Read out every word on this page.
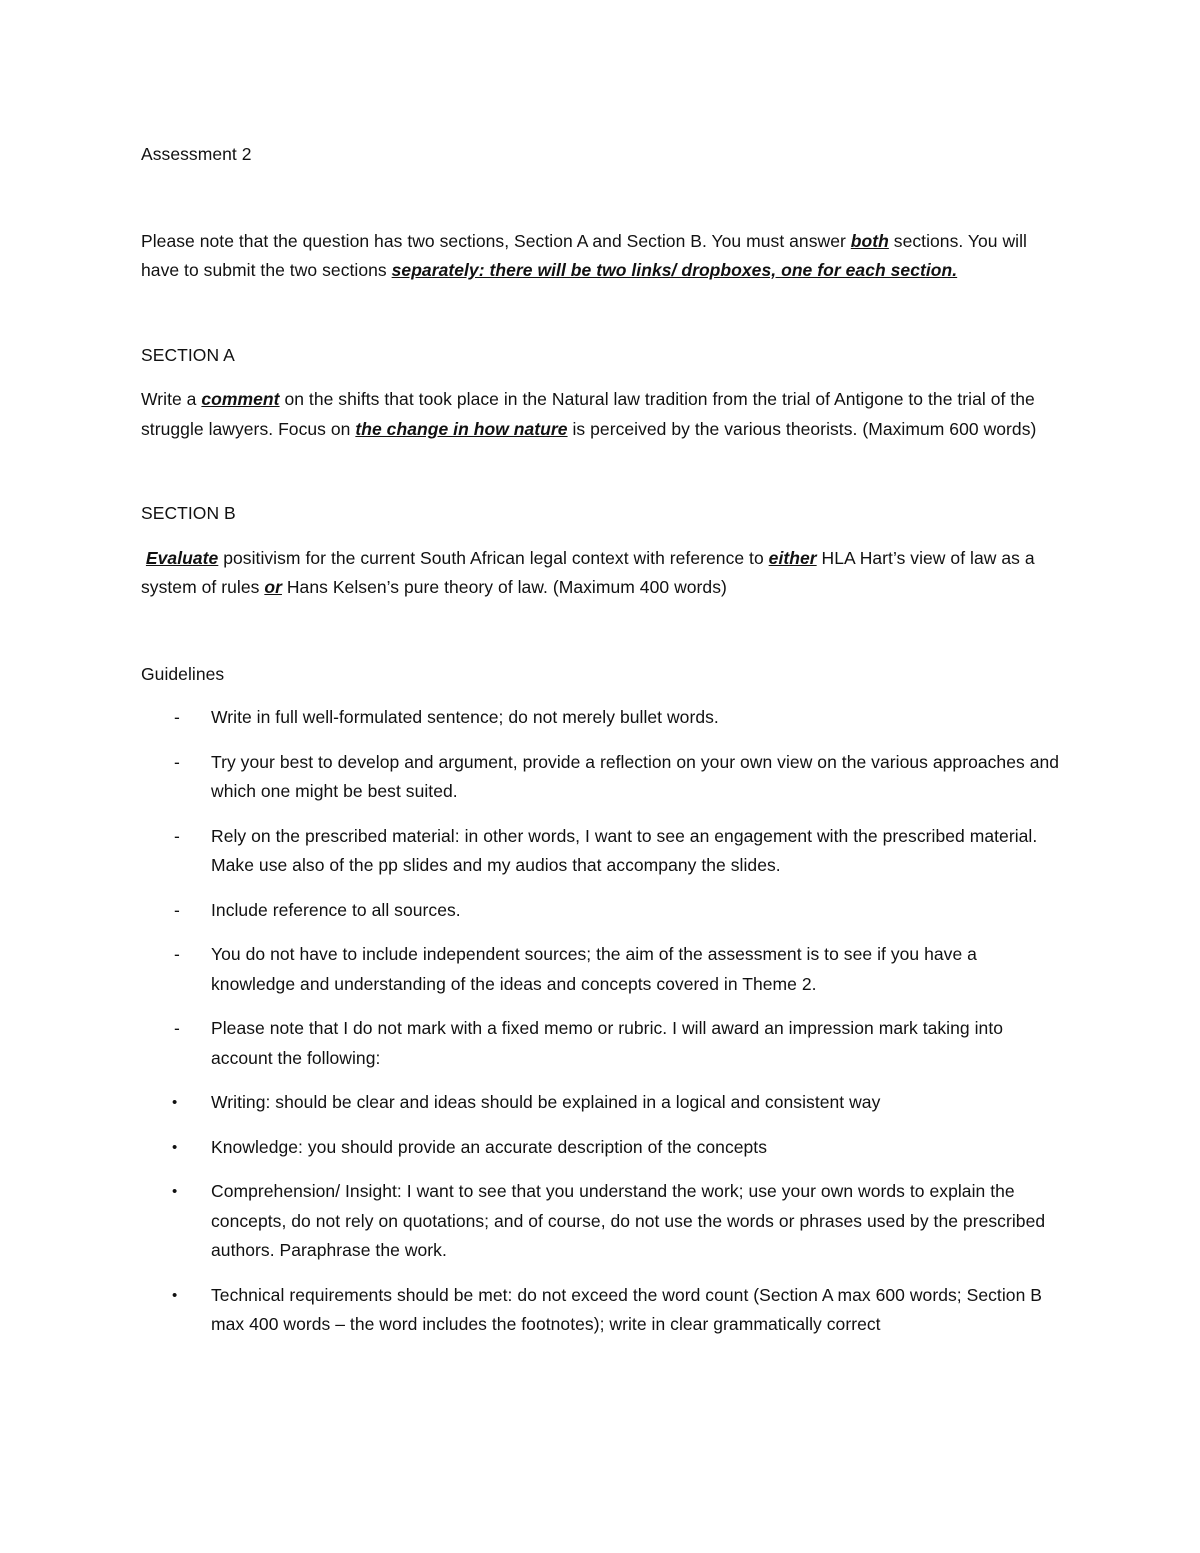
Assessment 2

Please note that the question has two sections, Section A and Section B. You must answer both sections. You will have to submit the two sections separately: there will be two links/ dropboxes, one for each section.

SECTION A

Write a comment on the shifts that took place in the Natural law tradition from the trial of Antigone to the trial of the struggle lawyers. Focus on the change in how nature is perceived by the various theorists. (Maximum 600 words)

SECTION B

Evaluate positivism for the current South African legal context with reference to either HLA Hart’s view of law as a system of rules or Hans Kelsen’s pure theory of law. (Maximum 400 words)

Guidelines
-	Write in full well-formulated sentence; do not merely bullet words.
-	Try your best to develop and argument, provide a reflection on your own view on the various approaches and which one might be best suited.
-	Rely on the prescribed material: in other words, I want to see an engagement with the prescribed material. Make use also of the pp slides and my audios that accompany the slides.
-	Include reference to all sources.
-	You do not have to include independent sources; the aim of the assessment is to see if you have a knowledge and understanding of the ideas and concepts covered in Theme 2.
-	Please note that I do not mark with a fixed memo or rubric. I will award an impression mark taking into account the following:
•	Writing: should be clear and ideas should be explained in a logical and consistent way
•	Knowledge: you should provide an accurate description of the concepts
•	Comprehension/ Insight: I want to see that you understand the work; use your own words to explain the concepts, do not rely on quotations; and of course, do not use the words or phrases used by the prescribed authors. Paraphrase the work.
•	Technical requirements should be met: do not exceed the word count (Section A max 600 words; Section B max 400 words – the word includes the footnotes); write in clear grammatically correct
